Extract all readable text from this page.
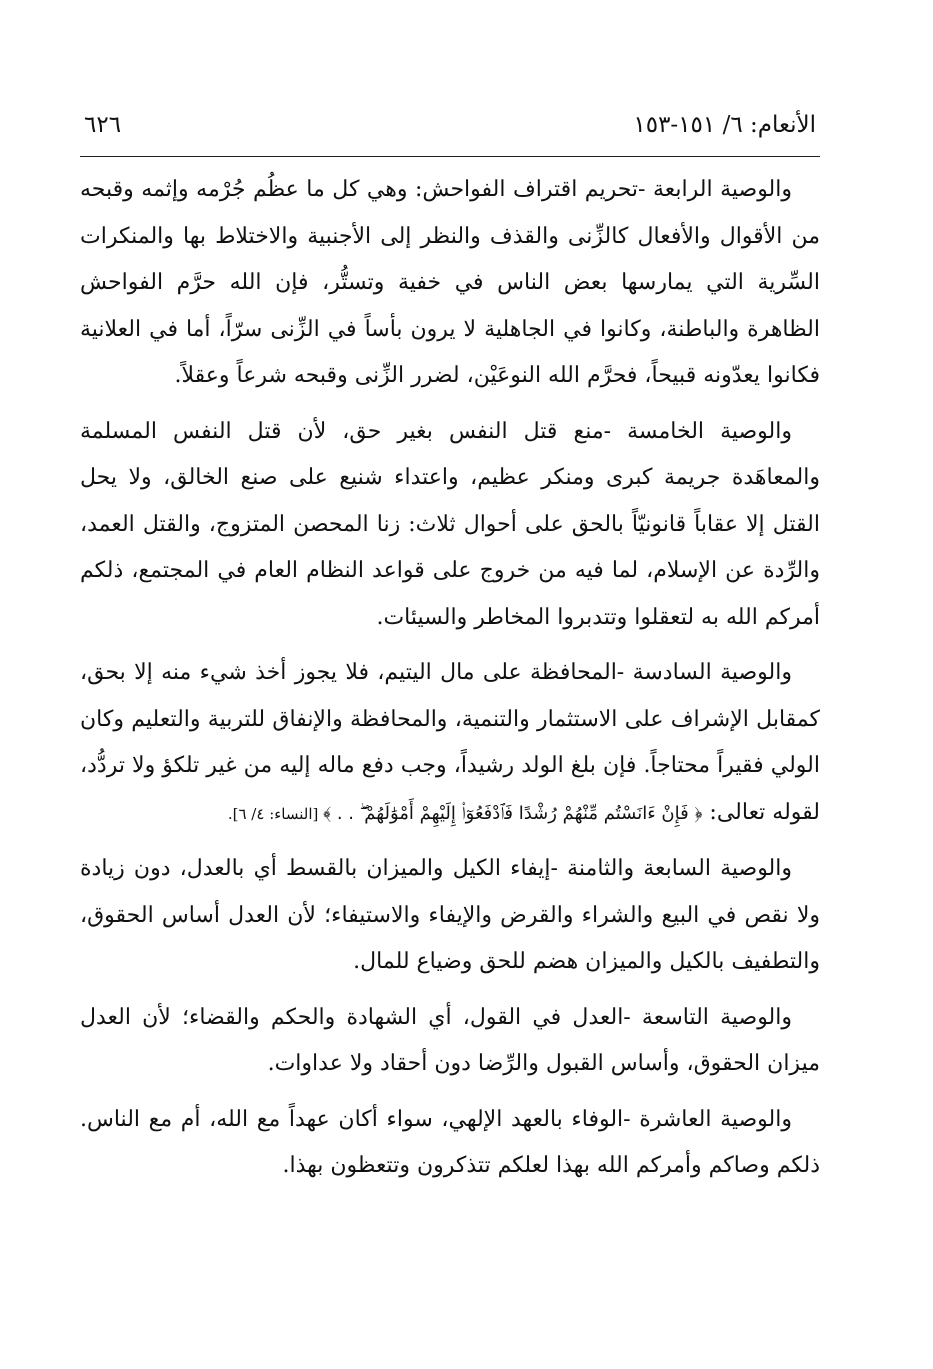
الأنعام: ٦/ ١٥١-١٥٣
٦٢٦

والوصية الرابعة -تحريم اقتراف الفواحش: وهي كل ما عظُم جُرْمه وإثمه وقبحه من الأقوال والأفعال كالزِّنى والقذف والنظر إلى الأجنبية والاختلاط بها والمنكرات السِّرية التي يمارسها بعض الناس في خفية وتستُّر، فإن الله حرَّم الفواحش الظاهرة والباطنة، وكانوا في الجاهلية لا يرون بأساً في الزِّنى سرّاً، أما في العلانية فكانوا يعدّونه قبيحاً، فحرَّم الله النوعَيْن، لضرر الزِّنى وقبحه شرعاً وعقلاً.

والوصية الخامسة -منع قتل النفس بغير حق، لأن قتل النفس المسلمة والمعاهَدة جريمة كبرى ومنكر عظيم، واعتداء شنيع على صنع الخالق، ولا يحل القتل إلا عقاباً قانونيّاً بالحق على أحوال ثلاث: زنا المحصن المتزوج، والقتل العمد، والرِّدة عن الإسلام، لما فيه من خروج على قواعد النظام العام في المجتمع، ذلكم أمركم الله به لتعقلوا وتتدبروا المخاطر والسيئات.

والوصية السادسة -المحافظة على مال اليتيم، فلا يجوز أخذ شيء منه إلا بحق، كمقابل الإشراف على الاستثمار والتنمية، والمحافظة والإنفاق للتربية والتعليم وكان الولي فقيراً محتاجاً. فإن بلغ الولد رشيداً، وجب دفع ماله إليه من غير تلكؤ ولا تردُّد، لقوله تعالى: ﴿ فَإِنْ ءَانَسْتُم مِّنْهُمْ رُشْدًا فَٱدْفَعُوٓا۟ إِلَيْهِمْ أَمْوَٰلَهُمْ ۖ . . ﴾ [النساء: ٤/ ٦].

والوصية السابعة والثامنة -إيفاء الكيل والميزان بالقسط أي بالعدل، دون زيادة ولا نقص في البيع والشراء والقرض والإيفاء والاستيفاء؛ لأن العدل أساس الحقوق، والتطفيف بالكيل والميزان هضم للحق وضياع للمال.

والوصية التاسعة -العدل في القول، أي الشهادة والحكم والقضاء؛ لأن العدل ميزان الحقوق، وأساس القبول والرِّضا دون أحقاد ولا عداوات.

والوصية العاشرة -الوفاء بالعهد الإلهي، سواء أكان عهداً مع الله، أم مع الناس. ذلكم وصاكم وأمركم الله بهذا لعلكم تتذكرون وتتعظون بهذا.
